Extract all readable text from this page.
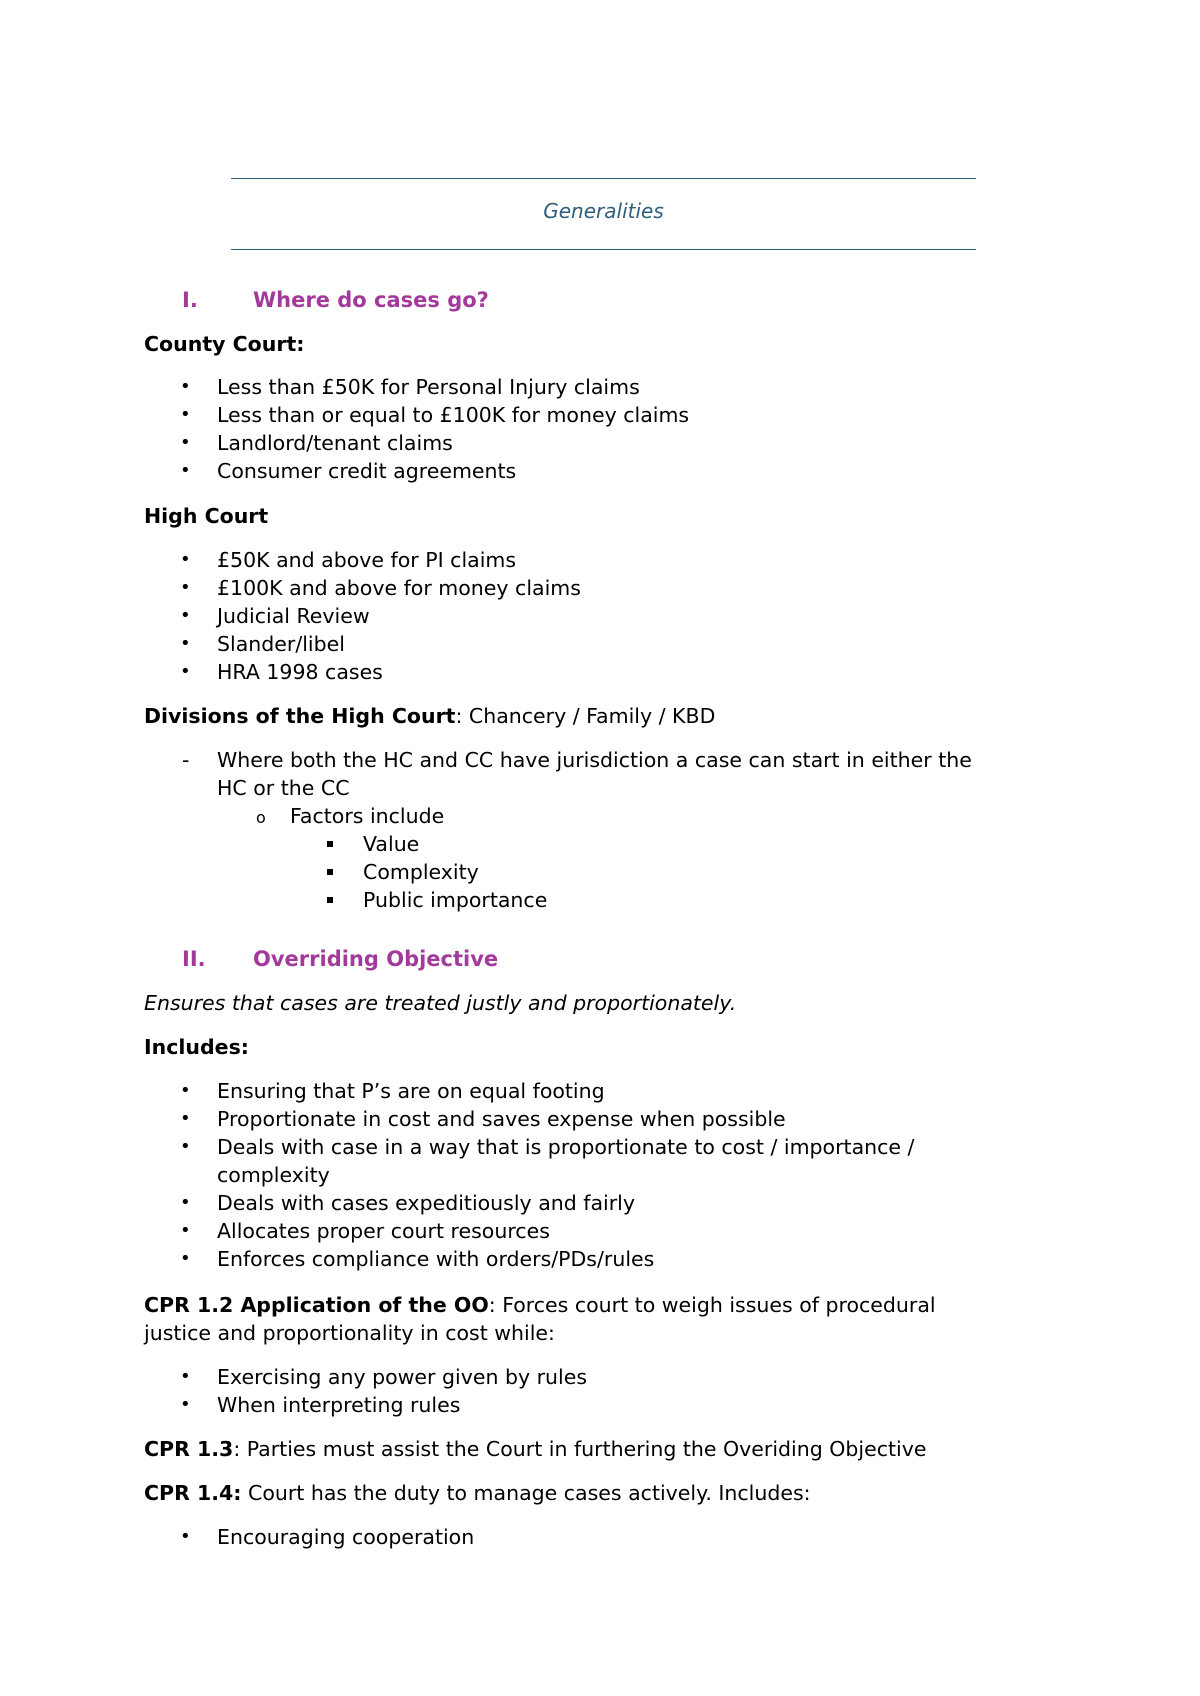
Generalities
I.	Where do cases go?
County Court:
• Less than £50K for Personal Injury claims
• Less than or equal to £100K for money claims
• Landlord/tenant claims
• Consumer credit agreements
High Court
• £50K and above for PI claims
• £100K and above for money claims
• Judicial Review
• Slander/libel
• HRA 1998 cases
Divisions of the High Court: Chancery / Family / KBD
- Where both the HC and CC have jurisdiction a case can start in either the
HC or the CC
o Factors include
Value
Complexity
Public importance
II. Overriding Objective
Ensures that cases are treated justly and proportionately.
Includes:
• Ensuring that P’s are on equal footing
• Proportionate in cost and saves expense when possible
• Deals with case in a way that is proportionate to cost / importance /
complexity
• Deals with cases expeditiously and fairly
• Allocates proper court resources
• Enforces compliance with orders/PDs/rules
CPR 1.2 Application of the OO: Forces court to weigh issues of procedural
justice and proportionality in cost while:
• Exercising any power given by rules
• When interpreting rules
CPR 1.3: Parties must assist the Court in furthering the Overiding Objective
CPR 1.4: Court has the duty to manage cases actively. Includes:
• Encouraging cooperation
